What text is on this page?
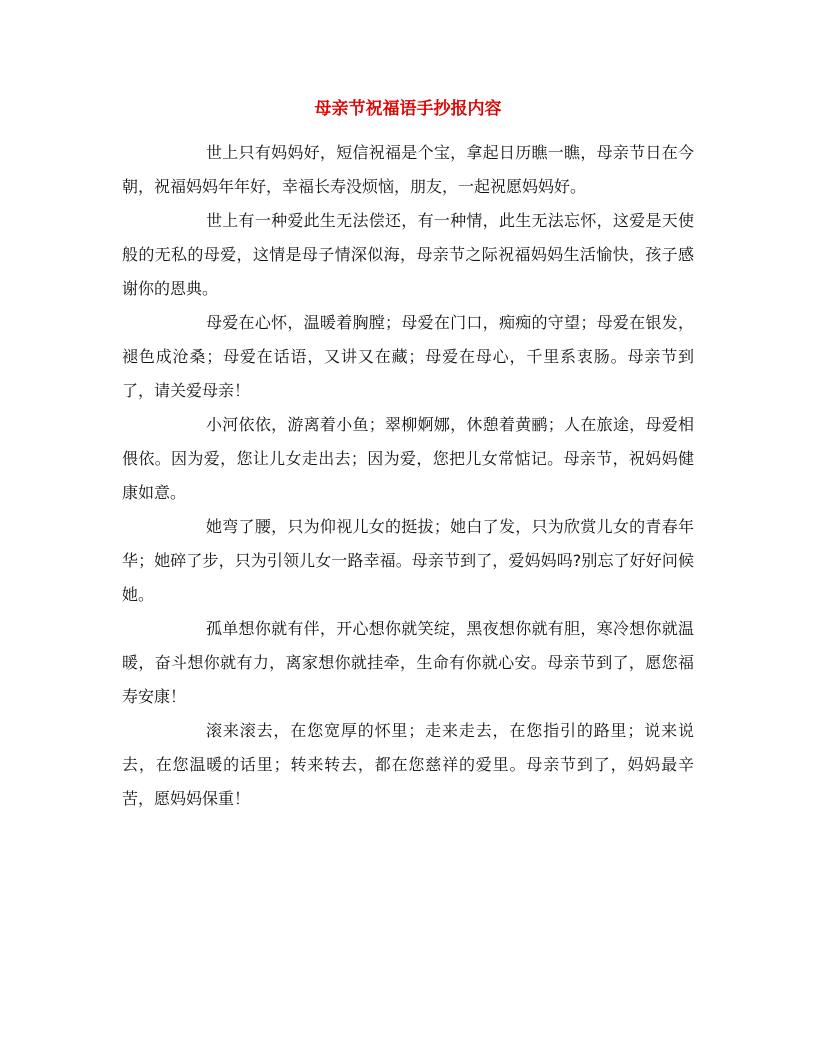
母亲节祝福语手抄报内容

世上只有妈妈好，短信祝福是个宝，拿起日历瞧一瞧，母亲节日在今朝，祝福妈妈年年好，幸福长寿没烦恼，朋友，一起祝愿妈妈好。

世上有一种爱此生无法偿还，有一种情，此生无法忘怀，这爱是天使般的无私的母爱，这情是母子情深似海，母亲节之际祝福妈妈生活愉快，孩子感谢你的恩典。

母爱在心怀，温暖着胸膛；母爱在门口，痴痴的守望；母爱在银发，褪色成沧桑；母爱在话语，又讲又在藏；母爱在母心，千里系衷肠。母亲节到了，请关爱母亲！

小河依依，游离着小鱼；翠柳婀娜，休憩着黄鹂；人在旅途，母爱相偎依。因为爱，您让儿女走出去；因为爱，您把儿女常惦记。母亲节，祝妈妈健康如意。

她弯了腰，只为仰视儿女的挺拔；她白了发，只为欣赏儿女的青春年华；她碎了步，只为引领儿女一路幸福。母亲节到了，爱妈妈吗?别忘了好好问候她。

孤单想你就有伴，开心想你就笑绽，黑夜想你就有胆，寒冷想你就温暖，奋斗想你就有力，离家想你就挂牵，生命有你就心安。母亲节到了，愿您福寿安康！

滚来滚去，在您宽厚的怀里；走来走去，在您指引的路里；说来说去，在您温暖的话里；转来转去，都在您慈祥的爱里。母亲节到了，妈妈最辛苦，愿妈妈保重！
